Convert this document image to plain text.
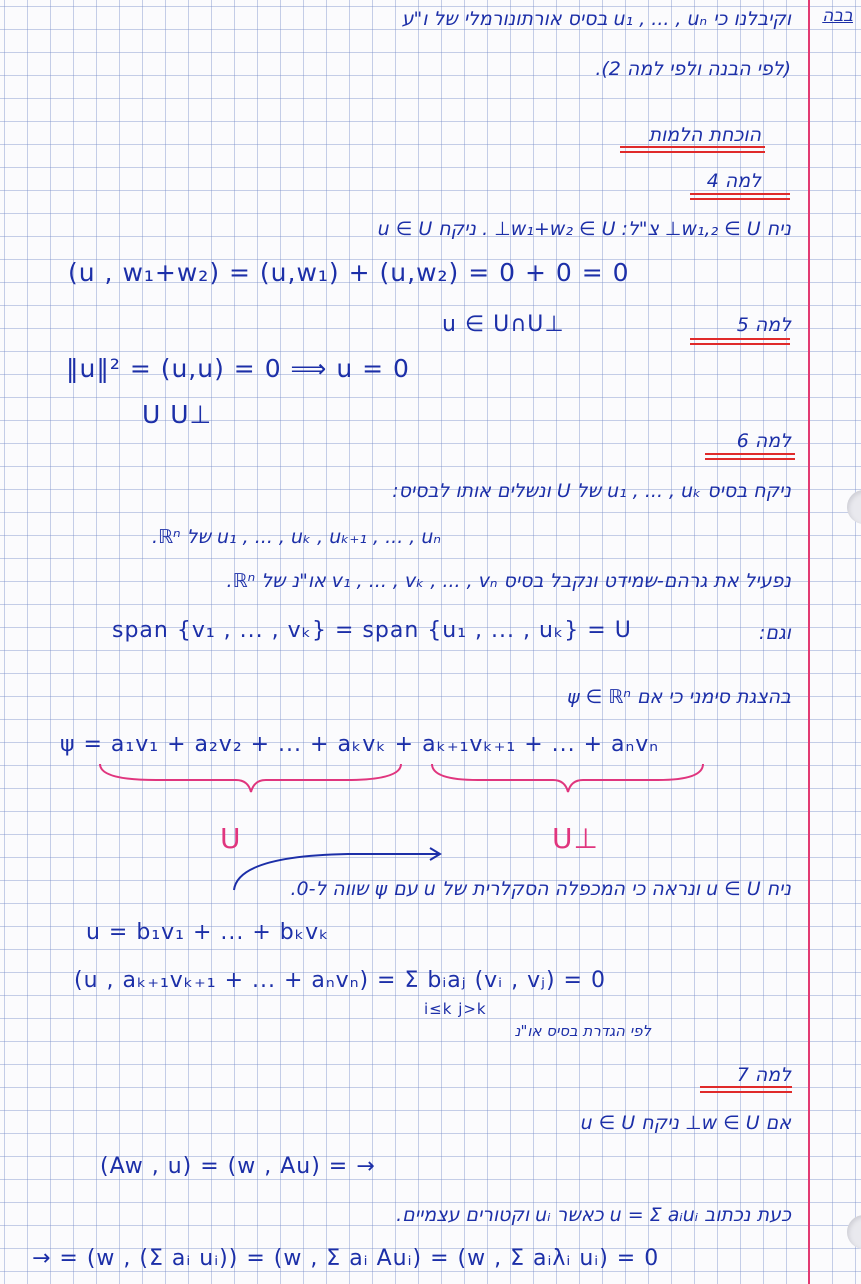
בבה
וקיבלנו כי u₁ , ... , uₙ בסיס אורתונורמלי של ו"ע
(לפי הבנה ולפי למה 2).
הוכחת הלמות
למה 4
ניח w₁,₂ ∈ U⊥ צ"ל: w₁+w₂ ∈ U⊥ . ניקח u ∈ U
(u , w₁+w₂) = (u,w₁) + (u,w₂) = 0 + 0 = 0
u ∈ U∩U⊥	למה 5
‖u‖² = (u,u) = 0 ⟹ u = 0
U U⊥
למה 6
ניקח בסיס u₁ , ... , uₖ של U ונשלים אותו לבסיס:
u₁ , ... , uₖ , uₖ₊₁ , ... , uₙ של ℝⁿ.
נפעיל את גרהם-שמידט ונקבל בסיס v₁ , ... , vₖ , ... , vₙ או"נ של ℝⁿ.
וגם:
span {v₁ , ... , vₖ} = span {u₁ , ... , uₖ} = U
בהצגת סימני כי אם ψ ∈ ℝⁿ
ψ = a₁v₁ + a₂v₂ + ... + aₖvₖ + aₖ₊₁vₖ₊₁ + ... + aₙvₙ
U	U⊥
ניח u ∈ U ונראה כי המכפלה הסקלרית של u עם ψ שווה ל-0.
u = b₁v₁ + ... + bₖvₖ
(u , aₖ₊₁vₖ₊₁ + ... + aₙvₙ) = Σ bᵢaⱼ (vᵢ , vⱼ) = 0
i≤k j>k
לפי הגדרת בסיס או"נ
למה 7
אם w ∈ U⊥ ניקח u ∈ U
(Aw , u) = (w , Au) = →
כעת נכתוב u = Σ aᵢuᵢ כאשר uᵢ וקטורים עצמיים.
→ = (w , (Σ aᵢ uᵢ)) = (w , Σ aᵢ Auᵢ) = (w , Σ aᵢλᵢ uᵢ) = 0
